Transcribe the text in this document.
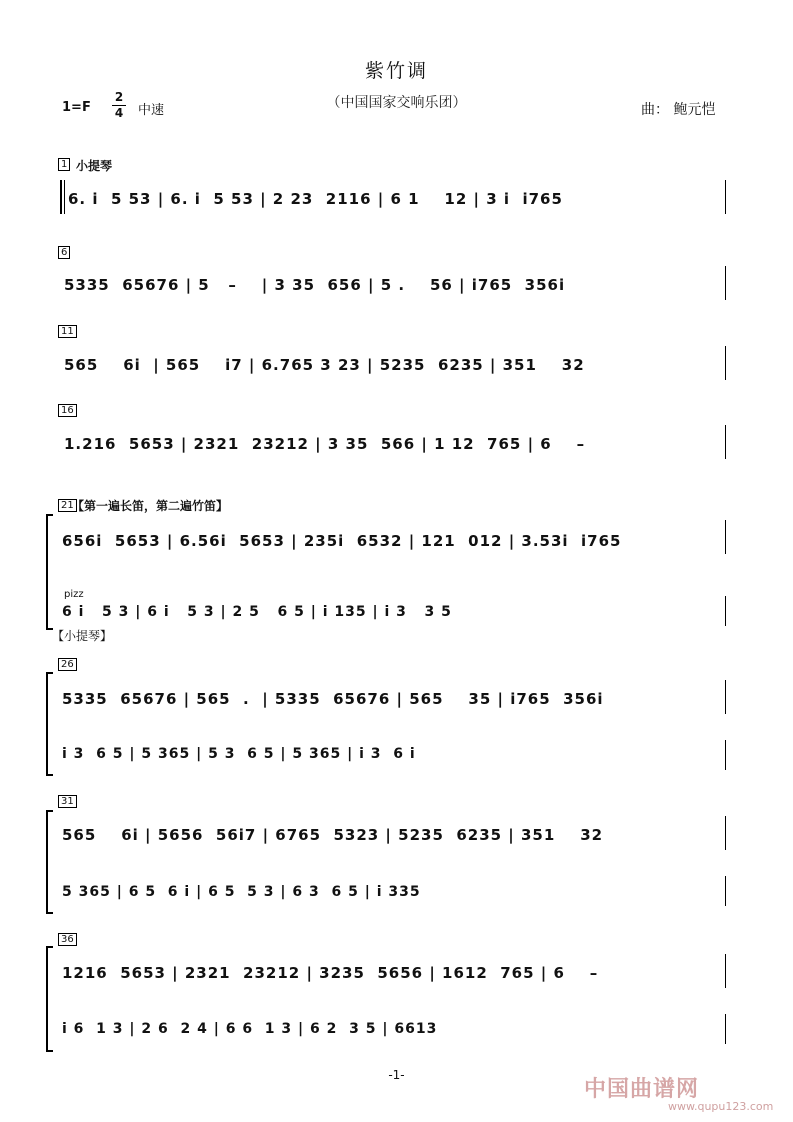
紫竹调
（中国国家交响乐团）
1=F
2
4 中速	曲： 鲍元恺
1 小提琴
6. i  5 53 | 6. i  5 53 | 2 23  2116 | 6 1    12 | 3 i  i765
6
5335  65676 | 5   –    | 3 35  656 | 5 .    56 | i765  356i
11
565    6i  | 565    i7 | 6.765 3 23 | 5235  6235 | 351    32
16
1.216  5653 | 2321  23212 | 3 35  566 | 1 12  765 | 6    –
21
【第一遍长笛，第二遍竹笛】
656i  5653 | 6.56i  5653 | 235i  6532 | 121  012 | 3.53i  i765
pizz
6 i   5 3 | 6 i   5 3 | 2 5   6 5 | i 135 | i 3   3 5
【小提琴】
26
5335  65676 | 565  .  | 5335  65676 | 565    35 | i765  356i
i 3  6 5 | 5 365 | 5 3  6 5 | 5 365 | i 3  6 i
31
565    6i | 5656  56i7 | 6765  5323 | 5235  6235 | 351    32
5 365 | 6 5  6 i | 6 5  5 3 | 6 3  6 5 | i 335
36
1216  5653 | 2321  23212 | 3235  5656 | 1612  765 | 6    –
i 6  1 3 | 2 6  2 4 | 6 6  1 3 | 6 2  3 5 | 6613
-1-
中国曲谱网
www.qupu123.com
